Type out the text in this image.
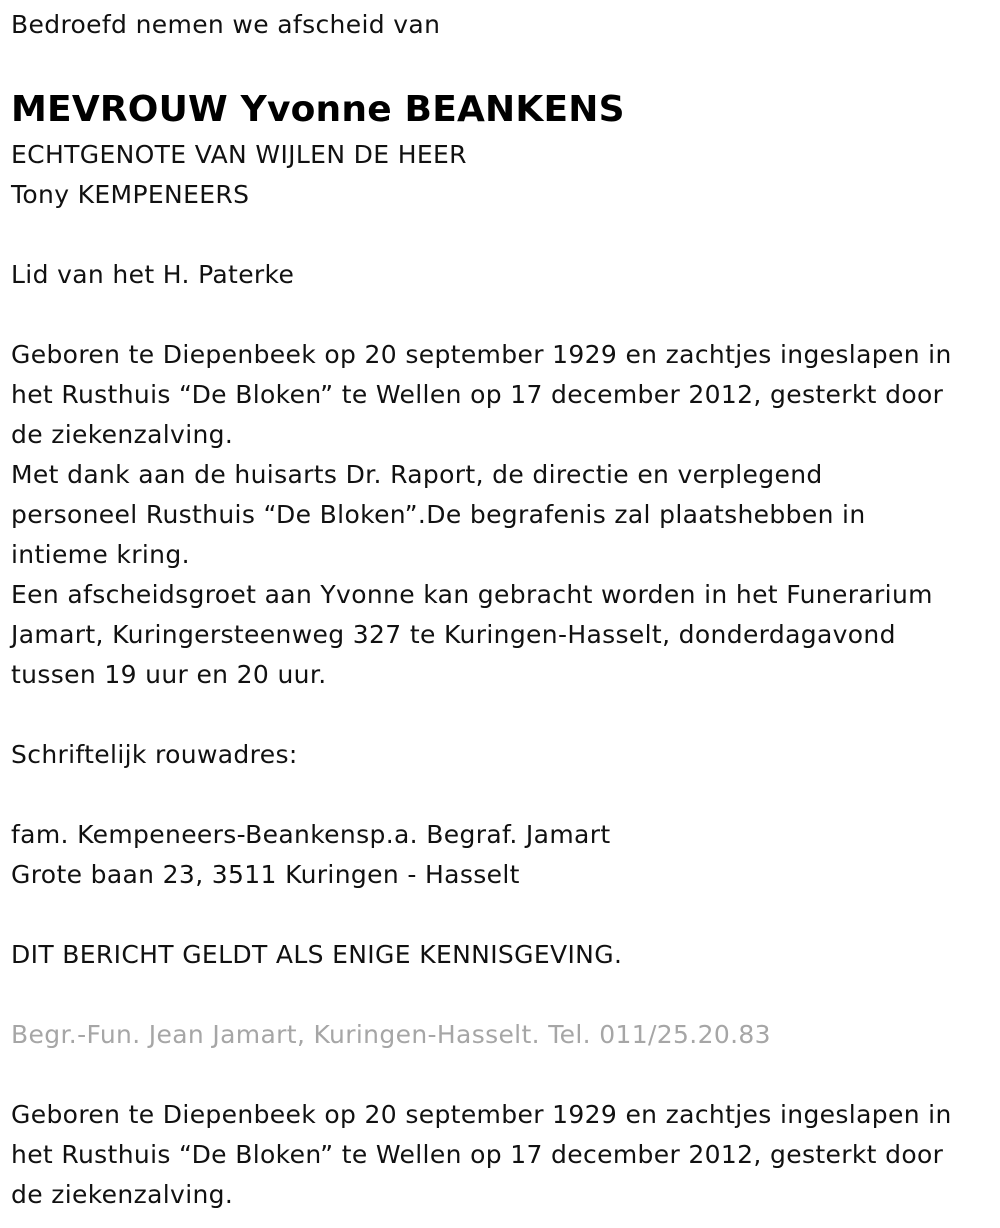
Bedroefd nemen we afscheid van
MEVROUW Yvonne BEANKENS
ECHTGENOTE VAN WIJLEN DE HEER
Tony KEMPENEERS
Lid van het H. Paterke
Geboren te Diepenbeek op 20 september 1929 en zachtjes ingeslapen in
het Rusthuis “De Bloken” te Wellen op 17 december 2012, gesterkt door
de ziekenzalving.
Met dank aan de huisarts Dr. Raport, de directie en verplegend
personeel Rusthuis “De Bloken”.De begrafenis zal plaatshebben in
intieme kring.
Een afscheidsgroet aan Yvonne kan gebracht worden in het Funerarium
Jamart, Kuringersteenweg 327 te Kuringen-Hasselt, donderdagavond
tussen 19 uur en 20 uur.
Schriftelijk rouwadres:
fam. Kempeneers-Beankensp.a. Begraf. Jamart
Grote baan 23, 3511 Kuringen - Hasselt
DIT BERICHT GELDT ALS ENIGE KENNISGEVING.
Begr.-Fun. Jean Jamart, Kuringen-Hasselt. Tel. 011/25.20.83
Geboren te Diepenbeek op 20 september 1929 en zachtjes ingeslapen in
het Rusthuis “De Bloken” te Wellen op 17 december 2012, gesterkt door
de ziekenzalving.
